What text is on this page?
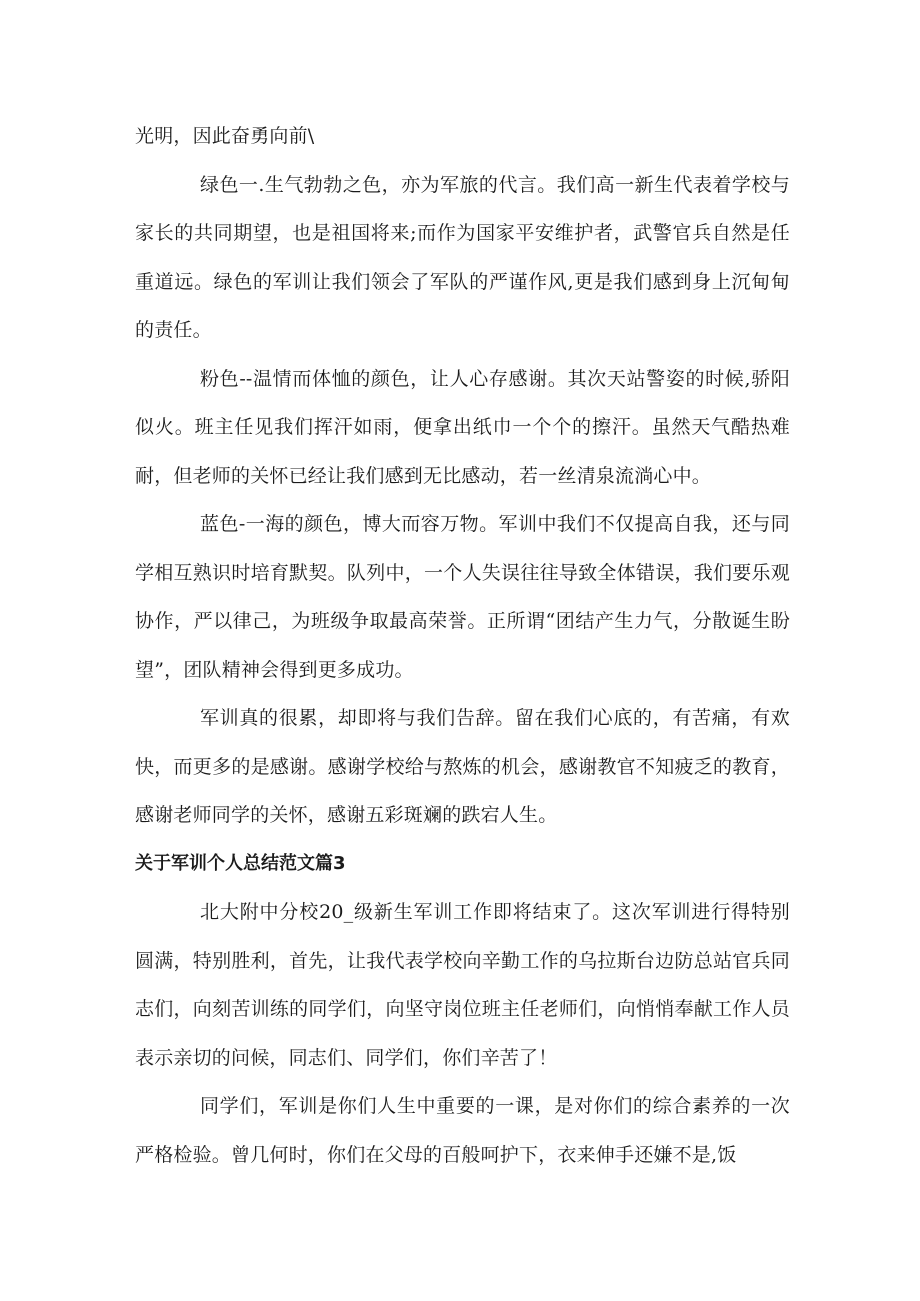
光明，因此奋勇向前\

绿色一.生气勃勃之色，亦为军旅的代言。我们高一新生代表着学校与家长的共同期望，也是祖国将来;而作为国家平安维护者，武警官兵自然是任重道远。绿色的军训让我们领会了军队的严谨作风,更是我们感到身上沉甸甸的责任。

粉色--温情而体恤的颜色，让人心存感谢。其次天站警姿的时候,骄阳似火。班主任见我们挥汗如雨，便拿出纸巾一个个的擦汗。虽然天气酷热难耐，但老师的关怀已经让我们感到无比感动，若一丝清泉流淌心中。

蓝色-一海的颜色，博大而容万物。军训中我们不仅提高自我，还与同学相互熟识时培育默契。队列中，一个人失误往往导致全体错误，我们要乐观协作，严以律己，为班级争取最高荣誉。正所谓“团结产生力气，分散诞生盼望”，团队精神会得到更多成功。

军训真的很累，却即将与我们告辞。留在我们心底的，有苦痛，有欢快，而更多的是感谢。感谢学校给与熬炼的机会，感谢教官不知疲乏的教育，感谢老师同学的关怀，感谢五彩斑斓的跌宕人生。

关于军训个人总结范文篇3

北大附中分校20_级新生军训工作即将结束了。这次军训进行得特别圆满，特别胜利，首先，让我代表学校向辛勤工作的乌拉斯台边防总站官兵同志们，向刻苦训练的同学们，向坚守岗位班主任老师们，向悄悄奉献工作人员表示亲切的问候，同志们、同学们，你们辛苦了！

同学们，军训是你们人生中重要的一课，是对你们的综合素养的一次严格检验。曾几何时，你们在父母的百般呵护下，衣来伸手还嫌不是,饭
